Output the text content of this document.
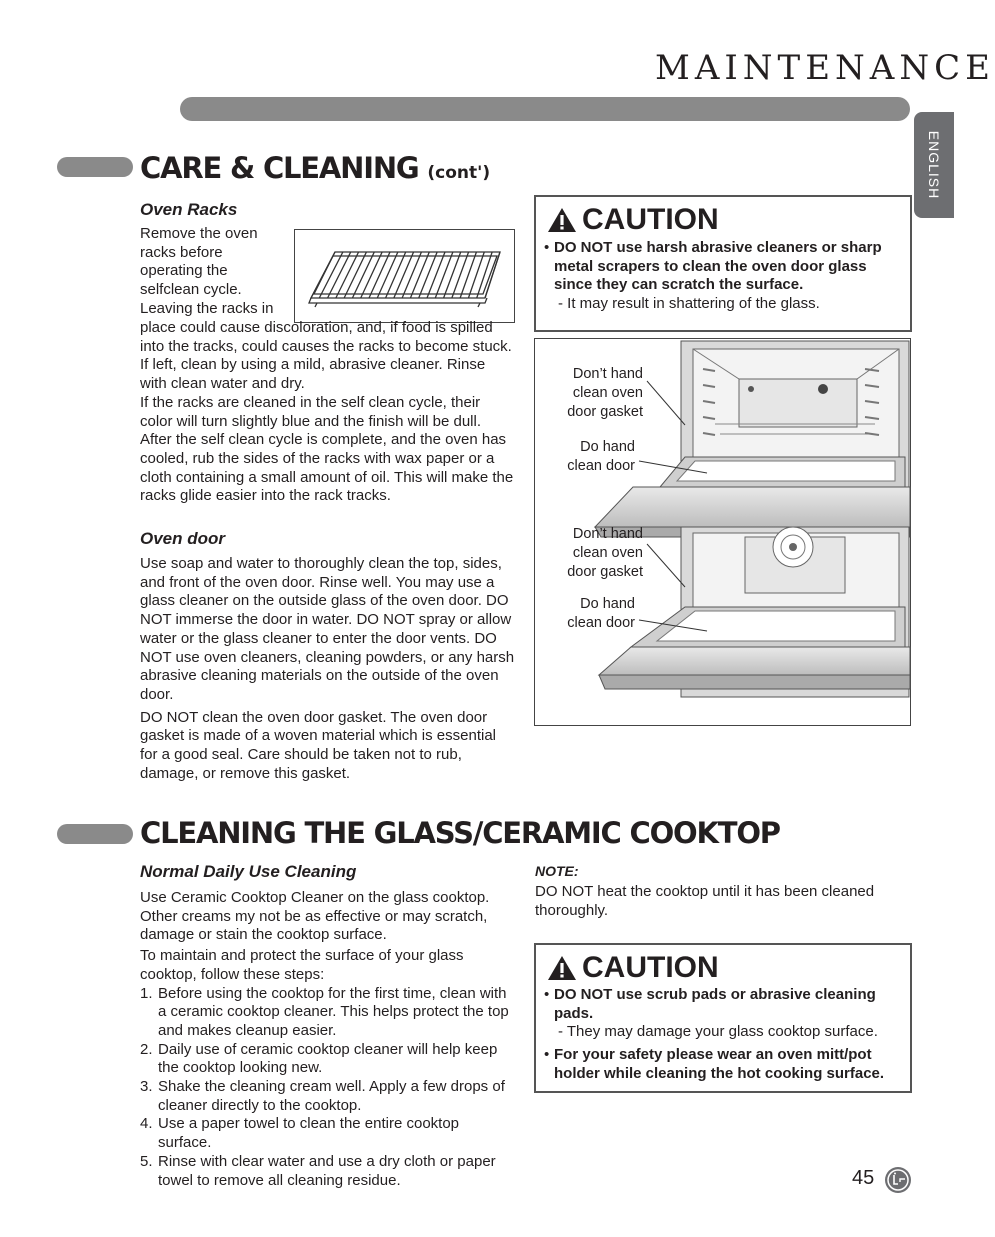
MAINTENANCE
ENGLISH
CARE & CLEANING (cont')
Oven Racks
Remove the oven
racks before
operating the
selfclean cycle.
Leaving the racks in

place could cause discoloration, and, if food is spilled into the tracks, could causes the racks to become stuck. If left, clean by using a mild, abrasive cleaner. Rinse with clean water and dry.

If the racks are cleaned in the self clean cycle, their color will turn slightly blue and the finish will be dull. After the self clean cycle is complete, and the oven has cooled, rub the sides of the racks with wax paper or a cloth containing a small amount of oil. This will make the racks glide easier into the rack tracks.

Oven door

Use soap and water to thoroughly clean the top, sides, and front of the oven door. Rinse well. You may use a glass cleaner on the outside glass of the oven door. DO NOT immerse the door in water. DO NOT spray or allow water or the glass cleaner to enter the door vents. DO NOT use oven cleaners, cleaning powders, or any harsh abrasive cleaning materials on the outside of the oven door.

DO NOT clean the oven door gasket. The oven door gasket is made of a woven material which is essential for a good seal. Care should be taken not to rub, damage, or remove this gasket.

CAUTION
• DO NOT use harsh abrasive cleaners or sharp metal scrapers to clean the oven door glass since they can scratch the surface.
- It may result in shattering of the glass.
Don’t hand
clean oven
door gasket
Do hand
clean door
Don’t hand
clean oven
door gasket
Do hand
clean door
CLEANING THE GLASS/CERAMIC COOKTOP
Normal Daily Use Cleaning

Use Ceramic Cooktop Cleaner on the glass cooktop. Other creams my not be as effective or may scratch, damage or stain the cooktop surface.

To maintain and protect the surface of your glass cooktop, follow these steps:

1. Before using the cooktop for the first time, clean with a ceramic cooktop cleaner. This helps protect the top and makes cleanup easier.
2. Daily use of ceramic cooktop cleaner will help keep the cooktop looking new.
3. Shake the cleaning cream well. Apply a few drops of cleaner directly to the cooktop.
4. Use a paper towel to clean the entire cooktop surface.
5. Rinse with clear water and use a dry cloth or paper towel to remove all cleaning residue.
NOTE:
DO NOT heat the cooktop until it has been cleaned thoroughly.
CAUTION
• DO NOT use scrub pads or abrasive cleaning pads.
- They may damage your glass cooktop surface.
• For your safety please wear an oven mitt/pot holder while cleaning the hot cooking surface.
45
